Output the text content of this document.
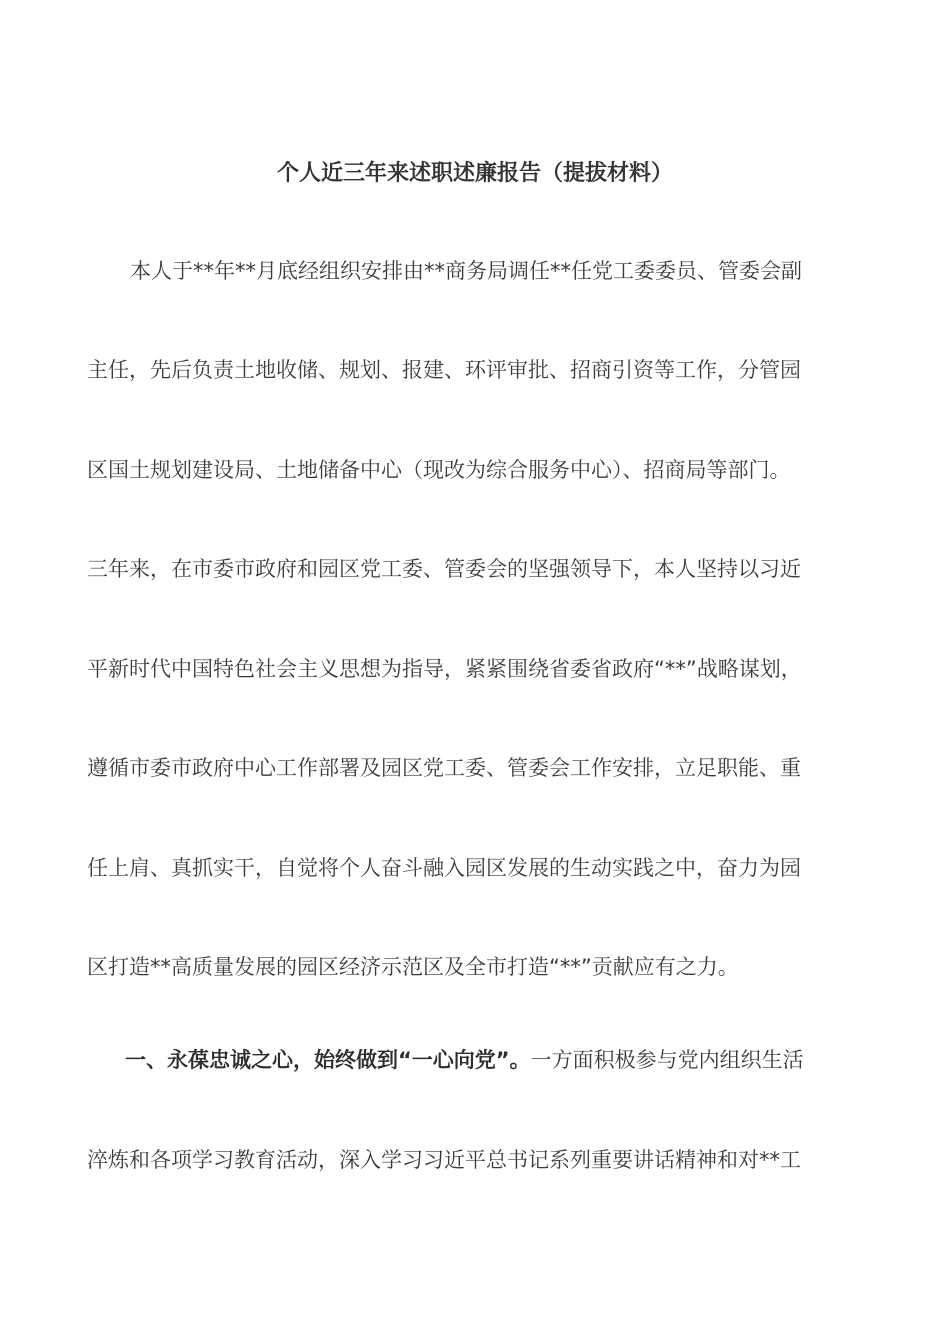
个人近三年来述职述廉报告（提拔材料）
本人于**年**月底经组织安排由**商务局调任**任党工委委员、管委会副
主任，先后负责土地收储、规划、报建、环评审批、招商引资等工作，分管园
区国土规划建设局、土地储备中心（现改为综合服务中心）、招商局等部门。
三年来，在市委市政府和园区党工委、管委会的坚强领导下，本人坚持以习近
平新时代中国特色社会主义思想为指导，紧紧围绕省委省政府“**”战略谋划，
遵循市委市政府中心工作部署及园区党工委、管委会工作安排，立足职能、重
任上肩、真抓实干，自觉将个人奋斗融入园区发展的生动实践之中，奋力为园
区打造**高质量发展的园区经济示范区及全市打造“**”贡献应有之力。
一、永葆忠诚之心，始终做到“一心向党”。一方面积极参与党内组织生活
淬炼和各项学习教育活动，深入学习习近平总书记系列重要讲话精神和对**工
